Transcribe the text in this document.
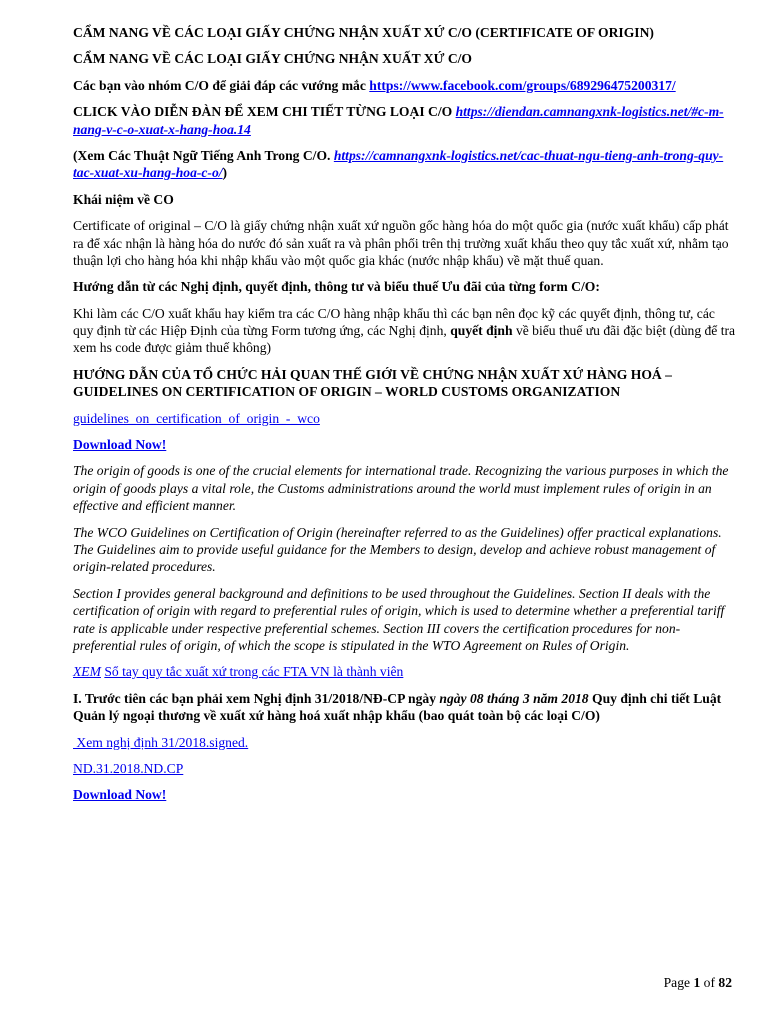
CẨM NANG VỀ CÁC LOẠI GIẤY CHỨNG NHẬN XUẤT XỨ C/O (CERTIFICATE OF ORIGIN)
CẨM NANG VỀ CÁC LOẠI GIẤY CHỨNG NHẬN XUẤT XỨ C/O
Các bạn vào nhóm C/O để giải đáp các vướng mắc https://www.facebook.com/groups/689296475200317/
CLICK VÀO DIỄN ĐÀN ĐỂ XEM CHI TIẾT TỪNG LOẠI C/O https://diendan.camnangxnk-logistics.net/#c-m-nang-v-c-o-xuat-x-hang-hoa.14
(Xem Các Thuật Ngữ Tiếng Anh Trong C/O. https://camnangxnk-logistics.net/cac-thuat-ngu-tieng-anh-trong-quy-tac-xuat-xu-hang-hoa-c-o/)
Khái niệm về CO
Certificate of original – C/O là giấy chứng nhận xuất xứ nguồn gốc hàng hóa do một quốc gia (nước xuất khẩu) cấp phát ra để xác nhận là hàng hóa do nước đó sản xuất ra và phân phối trên thị trường xuất khẩu theo quy tắc xuất xứ, nhằm tạo thuận lợi cho hàng hóa khi nhập khẩu vào một quốc gia khác (nước nhập khẩu) về mặt thuế quan.
Hướng dẫn từ các Nghị định, quyết định, thông tư và biểu thuế Ưu đãi của từng form C/O:
Khi làm các C/O xuất khẩu hay kiểm tra các C/O hàng nhập khẩu thì các bạn nên đọc kỹ các quyết định, thông tư, các quy định từ các Hiệp Định của từng Form tương ứng, các Nghị định, quyết định về biểu thuế ưu đãi đặc biệt (dùng để tra xem hs code được giảm thuế không)
HƯỚNG DẪN CỦA TỔ CHỨC HẢI QUAN THẾ GIỚI VỀ CHỨNG NHẬN XUẤT XỨ HÀNG HOÁ – GUIDELINES ON CERTIFICATION OF ORIGIN – WORLD CUSTOMS ORGANIZATION
guidelines_on_certification_of_origin_-_wco
Download Now!
The origin of goods is one of the crucial elements for international trade. Recognizing the various purposes in which the origin of goods plays a vital role, the Customs administrations around the world must implement rules of origin in an effective and efficient manner.
The WCO Guidelines on Certification of Origin (hereinafter referred to as the Guidelines) offer practical explanations. The Guidelines aim to provide useful guidance for the Members to design, develop and achieve robust management of origin-related procedures.
Section I provides general background and definitions to be used throughout the Guidelines. Section II deals with the certification of origin with regard to preferential rules of origin, which is used to determine whether a preferential tariff rate is applicable under respective preferential schemes. Section III covers the certification procedures for non-preferential rules of origin, of which the scope is stipulated in the WTO Agreement on Rules of Origin.
XEM Sổ tay quy tắc xuất xứ trong các FTA VN là thành viên
I. Trước tiên các bạn phải xem Nghị định 31/2018/NĐ-CP ngày ngày 08 tháng 3 năm 2018 Quy định chi tiết Luật Quản lý ngoại thương về xuất xứ hàng hoá xuất nhập khẩu (bao quát toàn bộ các loại C/O)
Xem nghị định 31/2018.signed.
ND.31.2018.ND.CP
Download Now!
Page 1 of 82
